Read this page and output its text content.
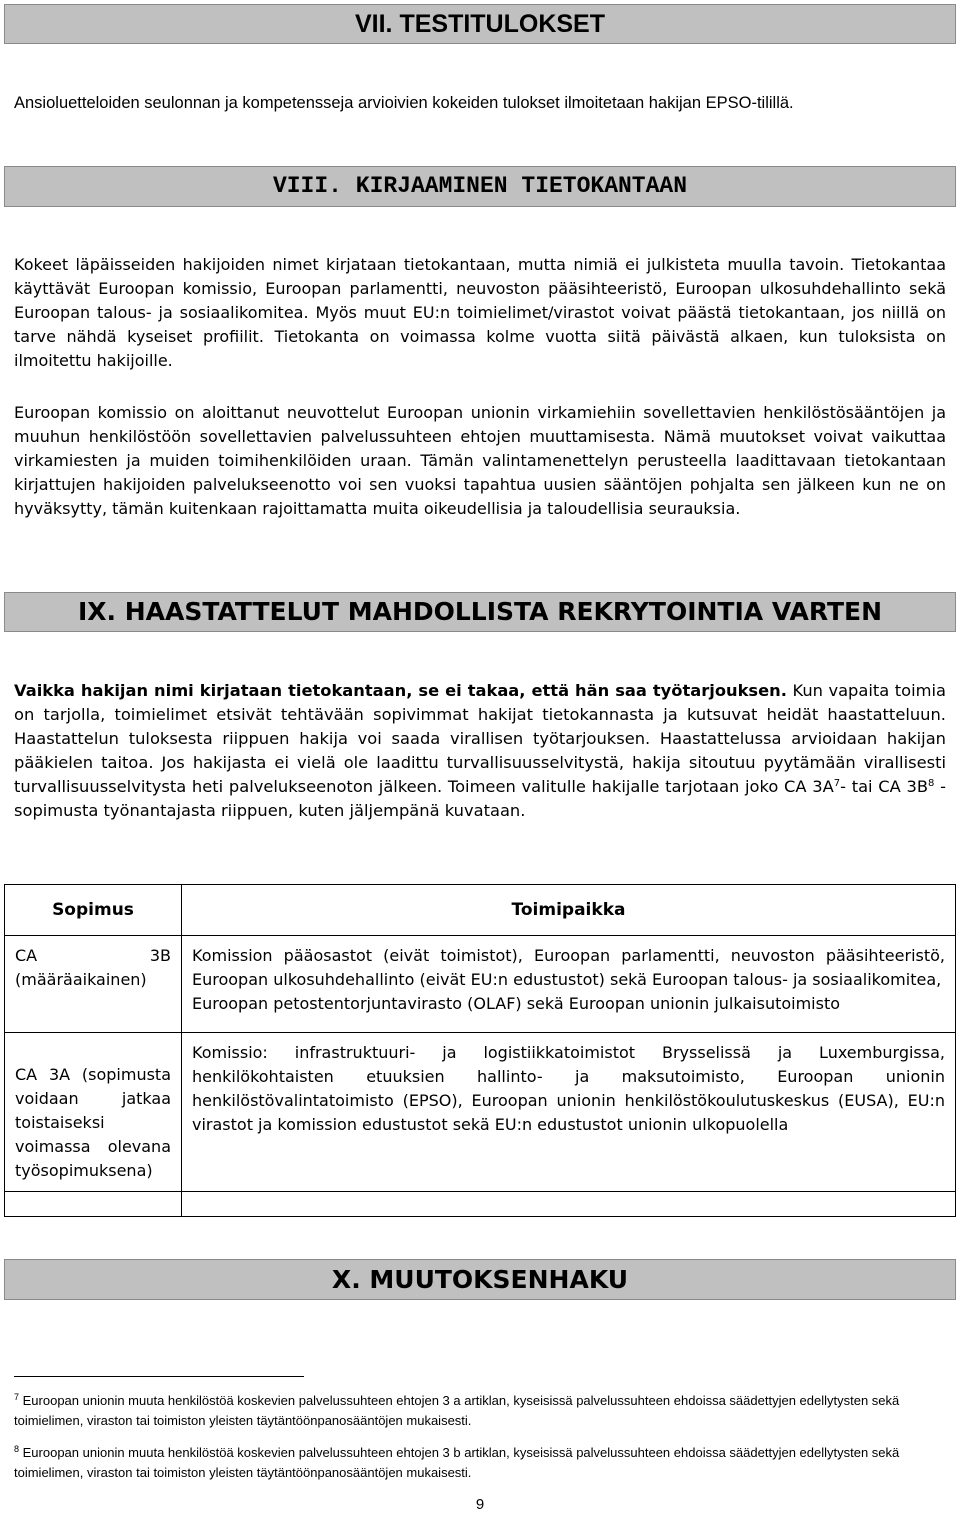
VII. TESTITULOKSET

Ansioluetteloiden seulonnan ja kompetensseja arvioivien kokeiden tulokset ilmoitetaan hakijan EPSO-tilillä.

VIII. KIRJAAMINEN TIETOKANTAAN

Kokeet läpäisseiden hakijoiden nimet kirjataan tietokantaan, mutta nimiä ei julkisteta muulla tavoin. Tietokantaa käyttävät Euroopan komissio, Euroopan parlamentti, neuvoston pääsihteeristö, Euroopan ulkosuhdehallinto sekä Euroopan talous- ja sosiaalikomitea. Myös muut EU:n toimielimet/virastot voivat päästä tietokantaan, jos niillä on tarve nähdä kyseiset profiilit. Tietokanta on voimassa kolme vuotta siitä päivästä alkaen, kun tuloksista on ilmoitettu hakijoille.

Euroopan komissio on aloittanut neuvottelut Euroopan unionin virkamiehiin sovellettavien henkilöstösääntöjen ja muuhun henkilöstöön sovellettavien palvelussuhteen ehtojen muuttamisesta. Nämä muutokset voivat vaikuttaa virkamiesten ja muiden toimihenkilöiden uraan. Tämän valintamenettelyn perusteella laadittavaan tietokantaan kirjattujen hakijoiden palvelukseenotto voi sen vuoksi tapahtua uusien sääntöjen pohjalta sen jälkeen kun ne on hyväksytty, tämän kuitenkaan rajoittamatta muita oikeudellisia ja taloudellisia seurauksia.

IX. HAASTATTELUT MAHDOLLISTA REKRYTOINTIA VARTEN

Vaikka hakijan nimi kirjataan tietokantaan, se ei takaa, että hän saa työtarjouksen. Kun vapaita toimia on tarjolla, toimielimet etsivät tehtävään sopivimmat hakijat tietokannasta ja kutsuvat heidät haastatteluun. Haastattelun tuloksesta riippuen hakija voi saada virallisen työtarjouksen. Haastattelussa arvioidaan hakijan pääkielen taitoa. Jos hakijasta ei vielä ole laadittu turvallisuusselvitystä, hakija sitoutuu pyytämään virallisesti turvallisuusselvitysta heti palvelukseenoton jälkeen. Toimeen valitulle hakijalle tarjotaan joko CA $3A^7-$ tai CA $3B^8$ -sopimusta työnantajasta riippuen, kuten jäljempänä kuvataan.

Sopimus	Toimipaikka
CA 3B (määräaikainen)	Komission pääosastot (eivät toimistot), Euroopan parlamentti, neuvoston pääsihteeristö, Euroopan ulkosuhdehallinto (eivät EU:n edustustot) sekä Euroopan talous- ja sosiaalikomitea,
Euroopan petostentorjuntavirasto (OLAF) sekä Euroopan unionin julkaisutoimisto

CA 3A (sopimusta voidaan jatkaa toistaiseksi voimassa olevana työsopimuksena)	Komissio: infrastruktuuri- ja logistiikkatoimistot Brysselissä ja Luxemburgissa, henkilökohtaisten etuuksien hallinto- ja maksutoimisto, Euroopan unionin henkilöstövalintatoimisto (EPSO), Euroopan unionin henkilöstökoulutuskeskus (EUSA), EU:n virastot ja komission edustustot sekä EU:n edustustot unionin ulkopuolella

X. MUUTOKSENHAKU
$^7$ Euroopan unionin muuta henkilöstöä koskevien palvelussuhteen ehtojen 3 a artiklan, kyseisissä palvelussuhteen ehdoissa säädettyjen edellytysten sekä toimielimen, viraston tai toimiston yleisten täytäntöönpanosääntöjen mukaisesti.
$^8$ Euroopan unionin muuta henkilöstöä koskevien palvelussuhteen ehtojen 3 b artiklan, kyseisissä palvelussuhteen ehdoissa säädettyjen edellytysten sekä toimielimen, viraston tai toimiston yleisten täytäntöönpanosääntöjen mukaisesti.
9
